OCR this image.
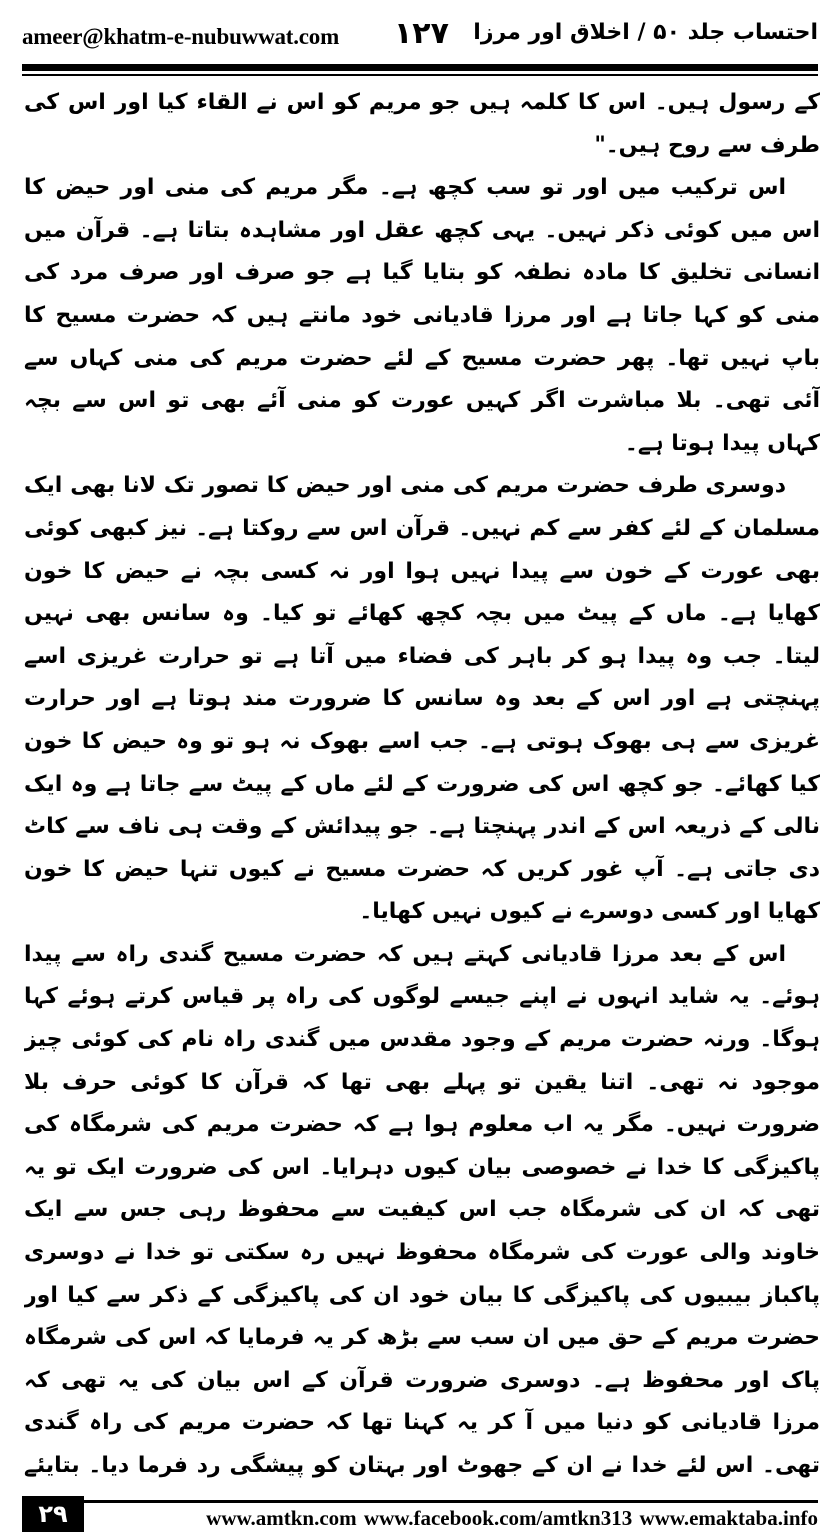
ameer@khatm-e-nubuwwat.com ۱۲۷ احتساب جلد ۵۰ / اخلاق اور مرزا

کے رسول ہیں۔ اس کا کلمہ ہیں جو مریم کو اس نے القاء کیا اور اس کی طرف سے روح ہیں۔"

اس ترکیب میں اور تو سب کچھ ہے۔ مگر مریم کی منی اور حیض کا اس میں کوئی ذکر نہیں۔ یہی کچھ عقل اور مشاہدہ بتاتا ہے۔ قرآن میں انسانی تخلیق کا مادہ نطفہ کو بتایا گیا ہے جو صرف اور صرف مرد کی منی کو کہا جاتا ہے اور مرزا قادیانی خود مانتے ہیں کہ حضرت مسیح کا باپ نہیں تھا۔ پھر حضرت مسیح کے لئے حضرت مریم کی منی کہاں سے آئی تھی۔ بلا مباشرت اگر کہیں عورت کو منی آئے بھی تو اس سے بچہ کہاں پیدا ہوتا ہے۔

دوسری طرف حضرت مریم کی منی اور حیض کا تصور تک لانا بھی ایک مسلمان کے لئے کفر سے کم نہیں۔ قرآن اس سے روکتا ہے۔ نیز کبھی کوئی بھی عورت کے خون سے پیدا نہیں ہوا اور نہ کسی بچہ نے حیض کا خون کھایا ہے۔ ماں کے پیٹ میں بچہ کچھ کھائے تو کیا۔ وہ سانس بھی نہیں لیتا۔ جب وہ پیدا ہو کر باہر کی فضاء میں آتا ہے تو حرارت غریزی اسے پہنچتی ہے اور اس کے بعد وہ سانس کا ضرورت مند ہوتا ہے اور حرارت غریزی سے ہی بھوک ہوتی ہے۔ جب اسے بھوک نہ ہو تو وہ حیض کا خون کیا کھائے۔ جو کچھ اس کی ضرورت کے لئے ماں کے پیٹ سے جاتا ہے وہ ایک نالی کے ذریعہ اس کے اندر پہنچتا ہے۔ جو پیدائش کے وقت ہی ناف سے کاٹ دی جاتی ہے۔ آپ غور کریں کہ حضرت مسیح نے کیوں تنہا حیض کا خون کھایا اور کسی دوسرے نے کیوں نہیں کھایا۔

اس کے بعد مرزا قادیانی کہتے ہیں کہ حضرت مسیح گندی راہ سے پیدا ہوئے۔ یہ شاید انہوں نے اپنے جیسے لوگوں کی راہ پر قیاس کرتے ہوئے کہا ہوگا۔ ورنہ حضرت مریم کے وجود مقدس میں گندی راہ نام کی کوئی چیز موجود نہ تھی۔ اتنا یقین تو پہلے بھی تھا کہ قرآن کا کوئی حرف بلا ضرورت نہیں۔ مگر یہ اب معلوم ہوا ہے کہ حضرت مریم کی شرمگاہ کی پاکیزگی کا خدا نے خصوصی بیان کیوں دہرایا۔ اس کی ضرورت ایک تو یہ تھی کہ ان کی شرمگاہ جب اس کیفیت سے محفوظ رہی جس سے ایک خاوند والی عورت کی شرمگاہ محفوظ نہیں رہ سکتی تو خدا نے دوسری پاکباز بیبیوں کی پاکیزگی کا بیان خود ان کی پاکیزگی کے ذکر سے کیا اور حضرت مریم کے حق میں ان سب سے بڑھ کر یہ فرمایا کہ اس کی شرمگاہ پاک اور محفوظ ہے۔ دوسری ضرورت قرآن کے اس بیان کی یہ تھی کہ مرزا قادیانی کو دنیا میں آ کر یہ کہنا تھا کہ حضرت مریم کی راہ گندی تھی۔ اس لئے خدا نے ان کے جھوٹ اور بہتان کو پیشگی رد فرما دیا۔ بتایئے

۲۹	www.amtkn.com www.facebook.com/amtkn313 www.emaktaba.info
